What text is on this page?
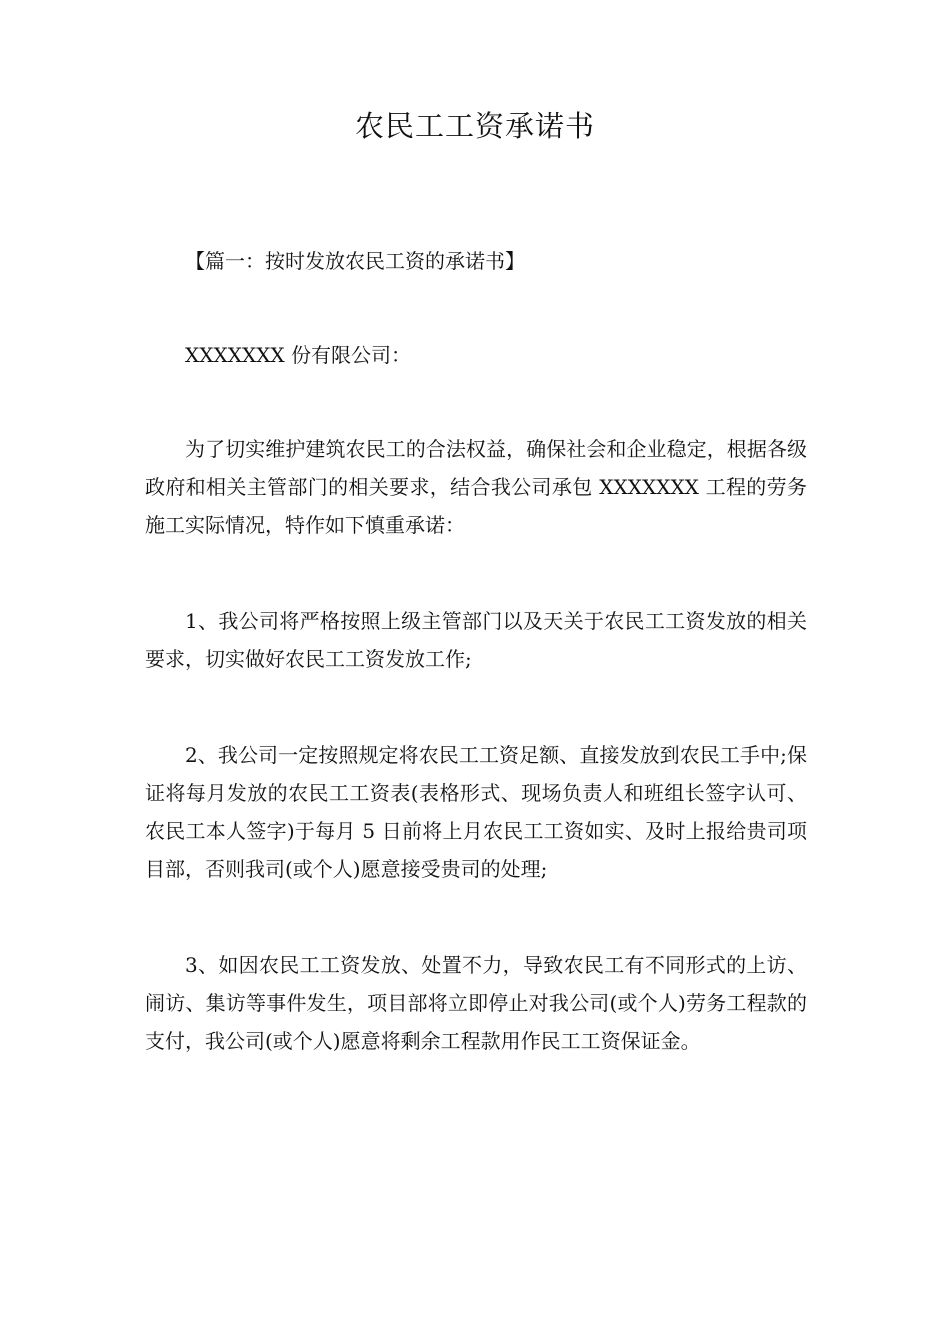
农民工工资承诺书

【篇一：按时发放农民工资的承诺书】

XXXXXXX 份有限公司：

为了切实维护建筑农民工的合法权益，确保社会和企业稳定，根据各级政府和相关主管部门的相关要求，结合我公司承包 XXXXXXX 工程的劳务施工实际情况，特作如下慎重承诺：

1、我公司将严格按照上级主管部门以及天关于农民工工资发放的相关要求，切实做好农民工工资发放工作;

2、我公司一定按照规定将农民工工资足额、直接发放到农民工手中;保证将每月发放的农民工工资表(表格形式、现场负责人和班组长签字认可、农民工本人签字)于每月 5 日前将上月农民工工资如实、及时上报给贵司项目部，否则我司(或个人)愿意接受贵司的处理;

3、如因农民工工资发放、处置不力，导致农民工有不同形式的上访、闹访、集访等事件发生，项目部将立即停止对我公司(或个人)劳务工程款的支付，我公司(或个人)愿意将剩余工程款用作民工工资保证金。
